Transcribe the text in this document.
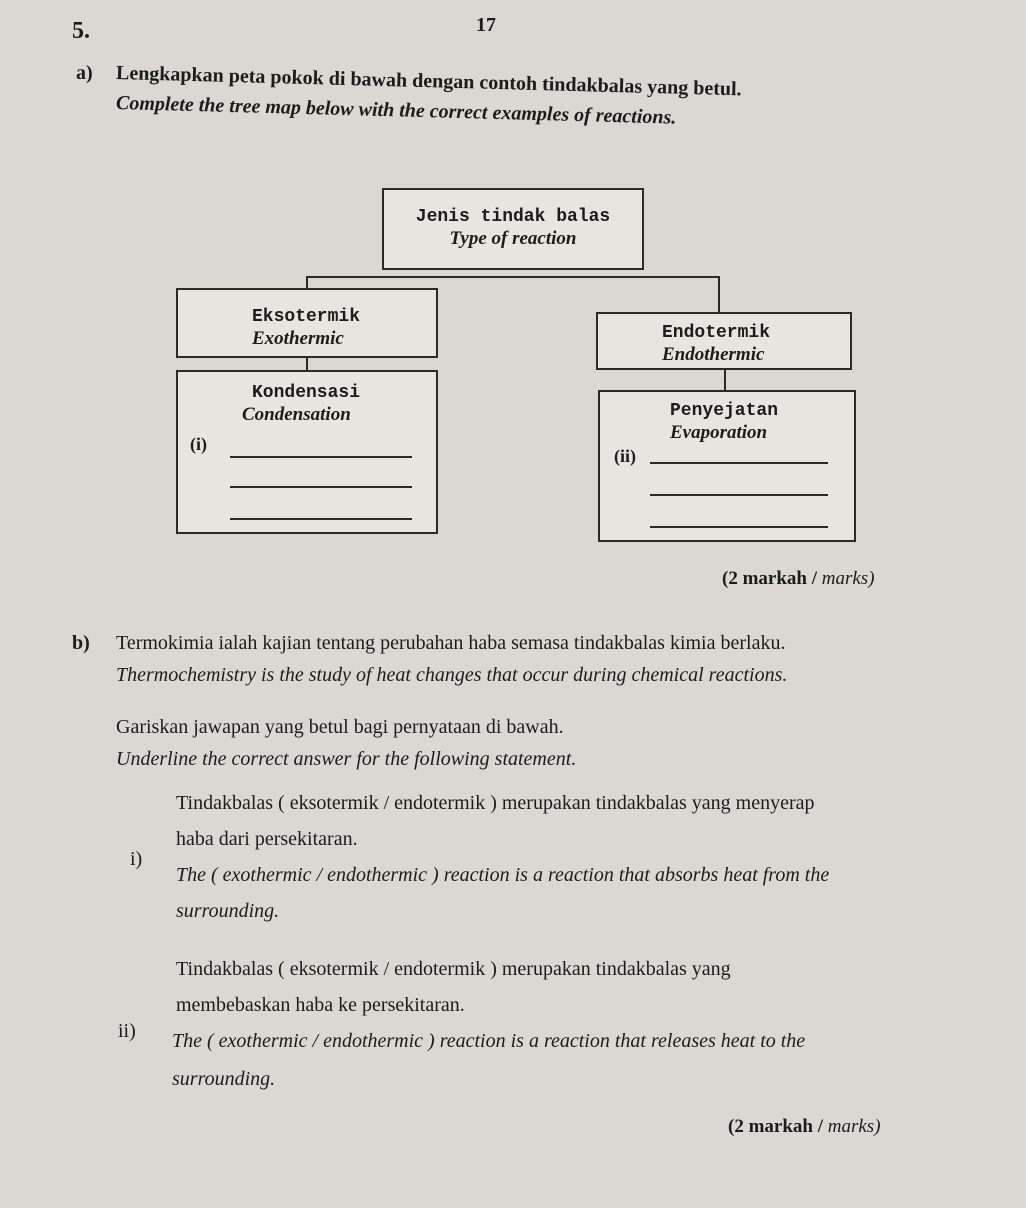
5.	17
a) Lengkapkan peta pokok di bawah dengan contoh tindakbalas yang betul.
Complete the tree map below with the correct examples of reactions.
Jenis tindak balas
Type of reaction
Eksotermik
Exothermic	Endotermik
Endothermic
Kondensasi
Condensation
(i)
Penyejatan
Evaporation
(ii)
(2 markah / marks)
b) Termokimia ialah kajian tentang perubahan haba semasa tindakbalas kimia berlaku.
Thermochemistry is the study of heat changes that occur during chemical reactions.
Gariskan jawapan yang betul bagi pernyataan di bawah.
Underline the correct answer for the following statement.
i)
Tindakbalas ( eksotermik / endotermik ) merupakan tindakbalas yang menyerap
haba dari persekitaran.
The ( exothermic / endothermic ) reaction is a reaction that absorbs heat from the
surrounding.
ii)
Tindakbalas ( eksotermik / endotermik ) merupakan tindakbalas yang
membebaskan haba ke persekitaran.
The ( exothermic / endothermic ) reaction is a reaction that releases heat to the
surrounding.
(2 markah / marks)
